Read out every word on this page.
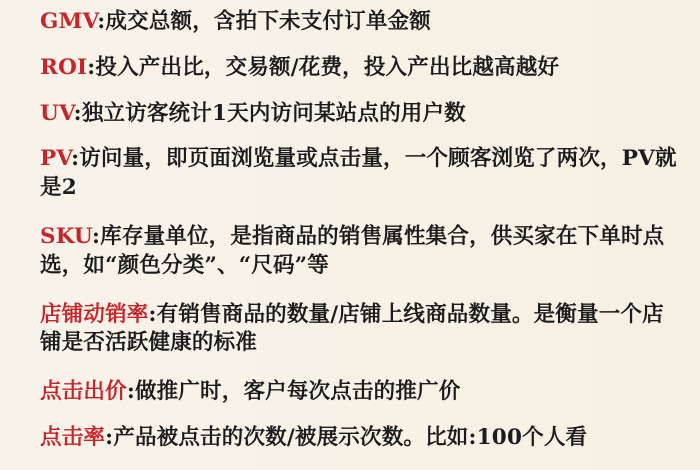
GMV:成交总额，含拍下未支付订单金额

ROI:投入产出比，交易额/花费，投入产出比越高越好

UV:独立访客统计1天内访问某站点的用户数

PV:访问量，即页面浏览量或点击量，一个顾客浏览了两次，PV就是2

SKU:库存量单位，是指商品的销售属性集合，供买家在下单时点选，如“颜色分类”、“尺码”等

店铺动销率:有销售商品的数量/店铺上线商品数量。是衡量一个店铺是否活跃健康的标准

点击出价:做推广时，客户每次点击的推广价

点击率:产品被点击的次数/被展示次数。比如:100个人看
